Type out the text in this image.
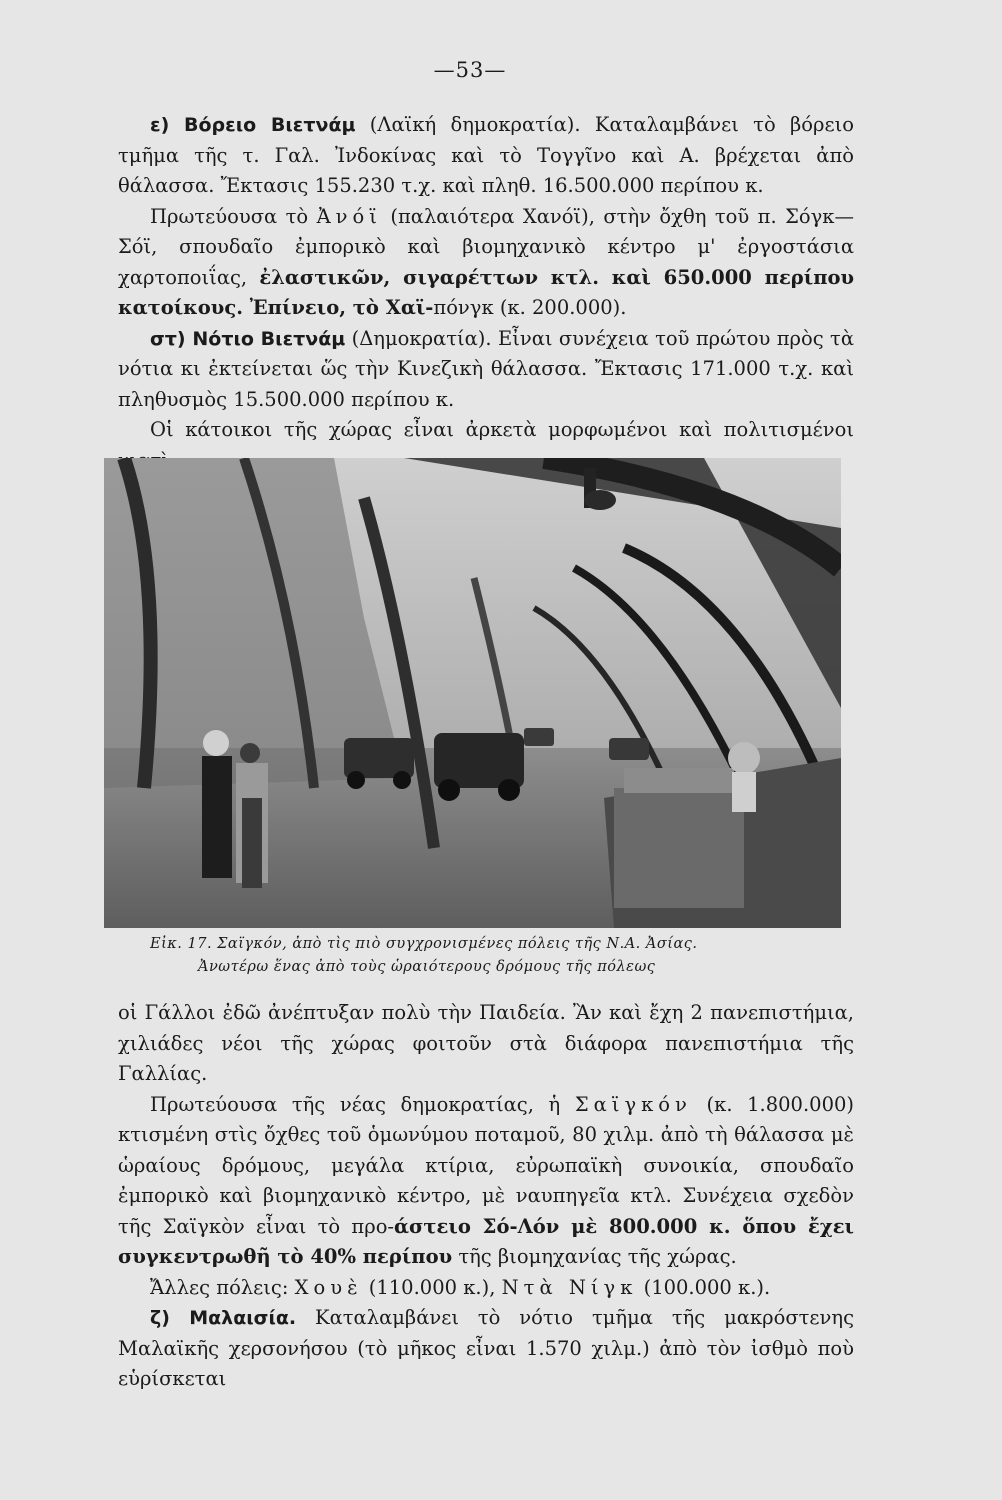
—53—

ε) Βόρειο Βιετνάμ (Λαϊκή δημοκρατία). Καταλαμβάνει τὸ βόρειο τμῆμα τῆς τ. Γαλ. Ἰνδοκίνας καὶ τὸ Τογγῖνο καὶ Α. βρέχεται ἀπὸ θάλασσα. Ἔκτασις 155.230 τ.χ. καὶ πληθ. 16.500.000 περίπου κ.

Πρωτεύουσα τὸ Ἀνόϊ (παλαιότερα Χανόϊ), στὴν ὄχθη τοῦ π. Σόγκ—Σόϊ, σπουδαῖο ἐμπορικὸ καὶ βιομηχανικὸ κέντρο μ' ἐργοστάσια χαρτοποιΐας, ἐλαστικῶν, σιγαρέττων κτλ. καὶ 650.000 περίπου κατοίκους. Ἐπίνειο, τὸ Χαϊ-πόνγκ (κ. 200.000).

στ) Νότιο Βιετνάμ (Δημοκρατία). Εἶναι συνέχεια τοῦ πρώτου πρὸς τὰ νότια κι ἐκτείνεται ὥς τὴν Κινεζικὴ θάλασσα. Ἔκτασις 171.000 τ.χ. καὶ πληθυσμὸς 15.500.000 περίπου κ.

Οἱ κάτοικοι τῆς χώρας εἶναι ἀρκετὰ μορφωμένοι καὶ πολιτισμένοι

Εἰκ. 17. Σαϊγκόν, ἀπὸ τὶς πιὸ συγχρονισμένες πόλεις τῆς Ν.Α. Ἀσίας.

Ἀνωτέρω ἕνας ἀπὸ τοὺς ὡραιότερους δρόμους τῆς πόλεως

οἱ Γάλλοι ἐδῶ ἀνέπτυξαν πολὺ τὴν Παιδεία. Ἂν καὶ ἔχη 2 πανεπιστήμια, χιλιάδες νέοι τῆς χώρας φοιτοῦν στὰ διάφορα πανεπιστήμια τῆς Γαλλίας.

Πρωτεύουσα τῆς νέας δημοκρατίας, ἡ Σαϊγκόν (κ. 1.800.000) κτισμένη στὶς ὄχθες τοῦ ὁμωνύμου ποταμοῦ, 80 χιλμ. ἀπὸ τὴ θάλασσα μὲ ὡραίους δρόμους, μεγάλα κτίρια, εὐρωπαϊκὴ συνοικία, σπουδαῖο ἐμπορικὸ καὶ βιομηχανικὸ κέντρο, μὲ ναυπηγεῖα κτλ. Συνέχεια σχεδὸν τῆς Σαϊγκὸν εἶναι τὸ προ-άστειο Σό-Λόν μὲ 800.000 κ. ὅπου ἔχει συγκεντρωθῆ τὸ 40% περίπου τῆς βιομηχανίας τῆς χώρας.

Ἄλλες πόλεις: Χουὲ (110.000 κ.), Ντὰ Νίγκ (100.000 κ.).

ζ) Μαλαισία. Καταλαμβάνει τὸ νότιο τμῆμα τῆς μακρόστενης Μαλαϊκῆς χερσονήσου (τὸ μῆκος εἶναι 1.570 χιλμ.) ἀπὸ τὸν ἰσθμὸ ποὺ εὑρίσκεται
